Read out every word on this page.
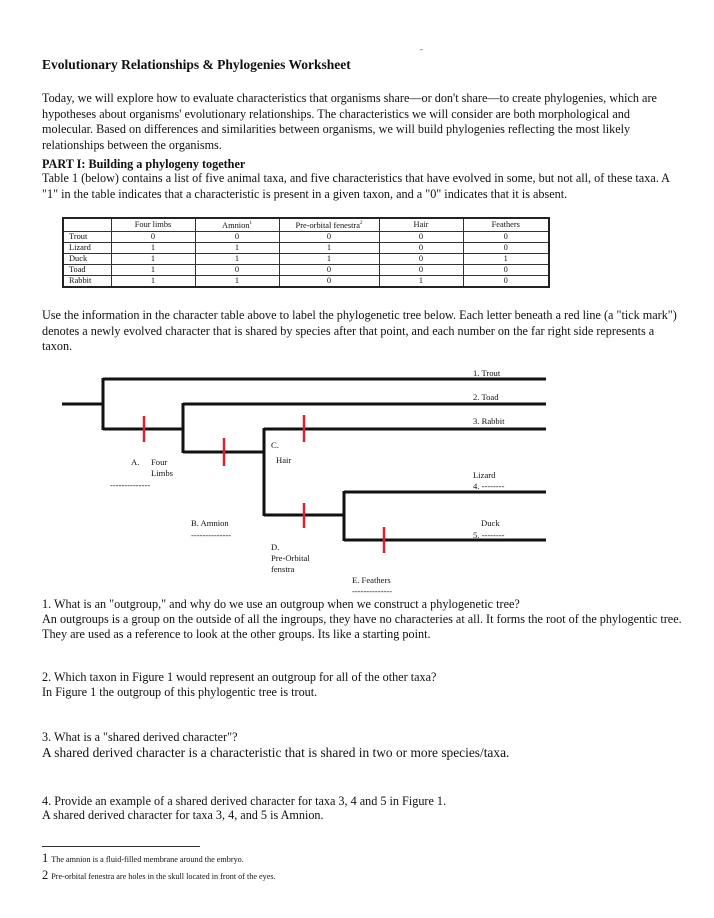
-
Evolutionary Relationships & Phylogenies Worksheet

Today, we will explore how to evaluate characteristics that organisms share—or don't share—to create phylogenies, which are hypotheses about organisms' evolutionary relationships. The characteristics we will consider are both morphological and molecular. Based on differences and similarities between organisms, we will build phylogenies reflecting the most likely relationships between the organisms.

PART I: Building a phylogeny together

Table 1 (below) contains a list of five animal taxa, and five characteristics that have evolved in some, but not all, of these taxa. A "1" in the table indicates that a characteristic is present in a given taxon, and a "0" indicates that it is absent.

	Four limbs	Amnion$^1$	Pre-orbital fenestra$^2$	Hair	Feathers
Trout	0	0	0	0	0
Lizard	1	1	1	0	0
Duck	1	1	1	0	1
Toad	1	0	0	0	0
Rabbit	1	1	0	1	0

Use the information in the character table above to label the phylogenetic tree below. Each letter beneath a red line (a "tick mark") denotes a newly evolved character that is shared by species after that point, and each number on the far right side represents a taxon.

1. Trout
2. Toad
3. Rabbit
Lizard
4. --------
Duck
5. --------
A. Four
Limbs
--------------
B. Amnion
--------------
C.
Hair
D.
Pre-Orbital
fenstra
E. Feathers
--------------

1. What is an "outgroup," and why do we use an outgroup when we construct a phylogenetic tree?

An outgroups is a group on the outside of all the ingroups, they have no characteries at all. It forms the root of the phylogentic tree. They are used as a reference to look at the other groups. Its like a starting point.

2. Which taxon in Figure 1 would represent an outgroup for all of the other taxa?

In Figure 1 the outgroup of this phylogentic tree is trout.

3. What is a "shared derived character"?

A shared derived character is a characteristic that is shared in two or more species/taxa.

4. Provide an example of a shared derived character for taxa 3, 4 and 5 in Figure 1.

A shared derived character for taxa 3, 4, and 5 is Amnion.

1 The amnion is a fluid-filled membrane around the embryo.
2 Pre-orbital fenestra are holes in the skull located in front of the eyes.
